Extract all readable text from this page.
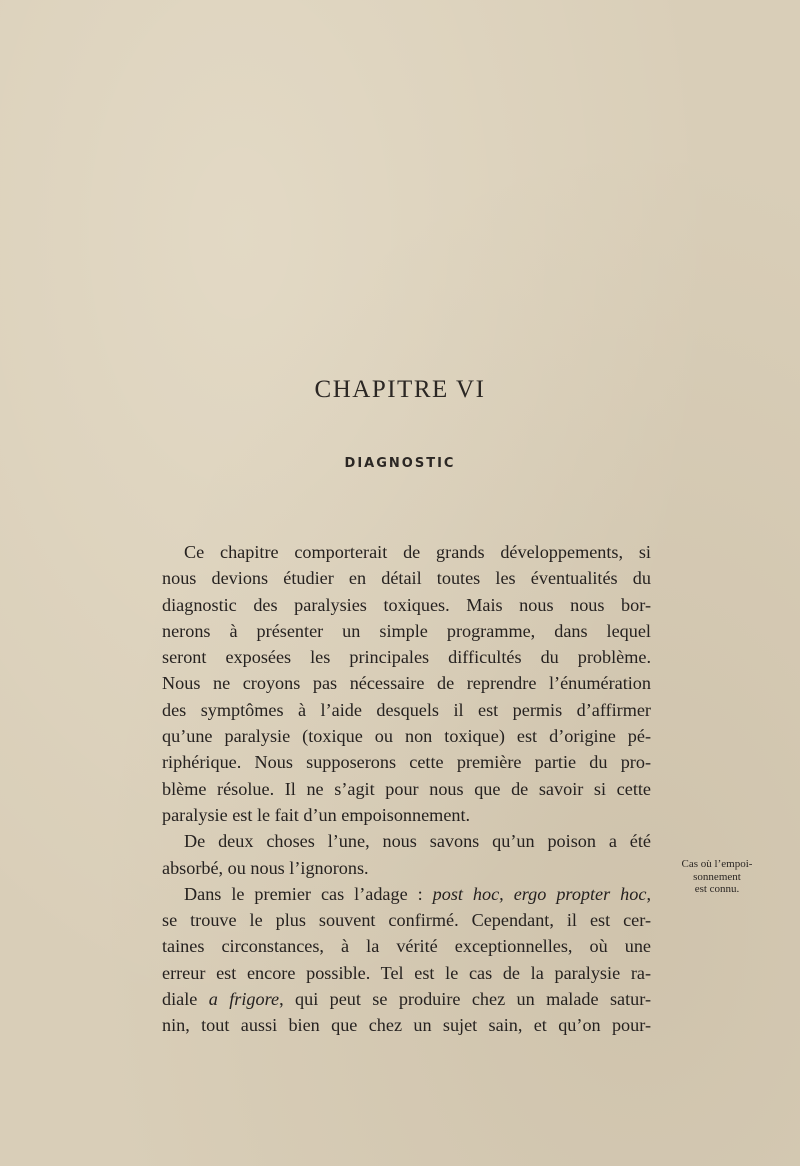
CHAPITRE VI
DIAGNOSTIC
Ce chapitre comporterait de grands développements, si
nous devions étudier en détail toutes les éventualités du
diagnostic des paralysies toxiques. Mais nous nous bor-
nerons à présenter un simple programme, dans lequel
seront exposées les principales difficultés du problème.
Nous ne croyons pas nécessaire de reprendre l’énumération
des symptômes à l’aide desquels il est permis d’affirmer
qu’une paralysie (toxique ou non toxique) est d’origine pé-
riphérique. Nous supposerons cette première partie du pro-
blème résolue. Il ne s’agit pour nous que de savoir si cette
paralysie est le fait d’un empoisonnement.
De deux choses l’une, nous savons qu’un poison a été
absorbé, ou nous l’ignorons.
Dans le premier cas l’adage : post hoc, ergo propter hoc,
se trouve le plus souvent confirmé. Cependant, il est cer-
taines circonstances, à la vérité exceptionnelles, où une
erreur est encore possible. Tel est le cas de la paralysie ra-
diale a frigore, qui peut se produire chez un malade satur-
nin, tout aussi bien que chez un sujet sain, et qu’on pour-
Cas où l’empoi-
sonnement
est connu.
